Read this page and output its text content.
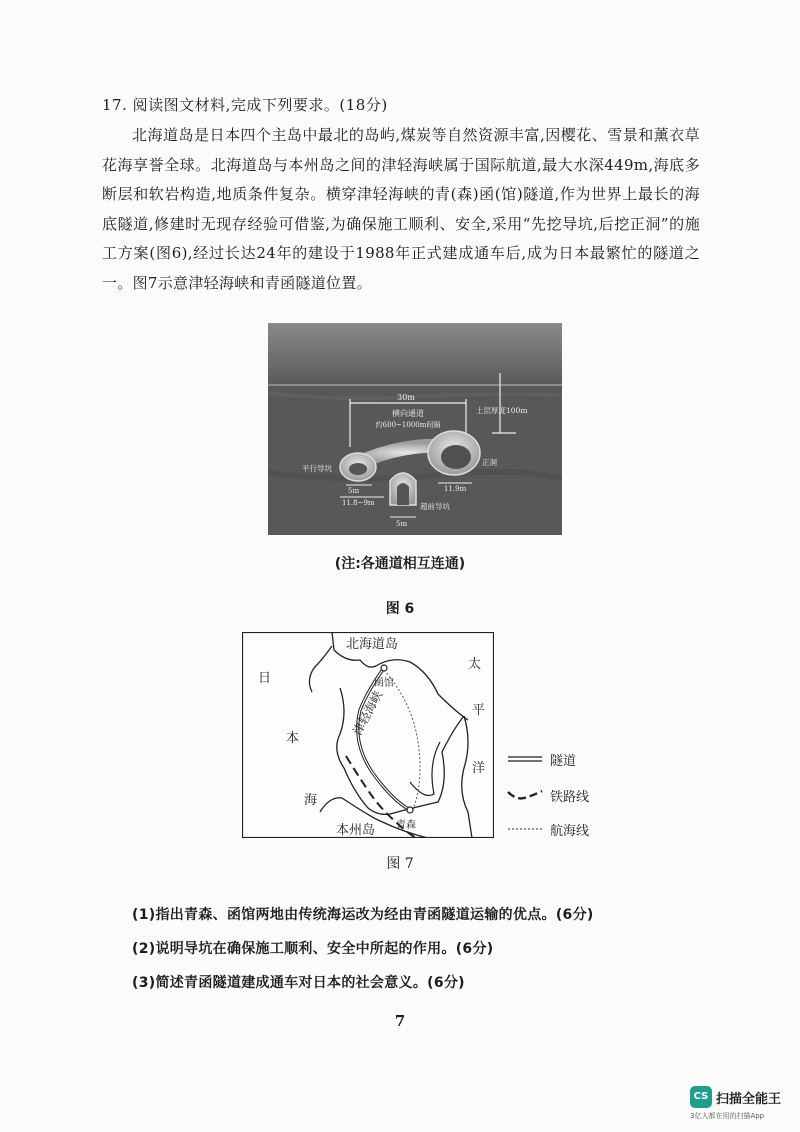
17. 阅读图文材料,完成下列要求。(18分)
北海道岛是日本四个主岛中最北的岛屿,煤炭等自然资源丰富,因樱花、雪景和薰衣草花海享誉全球。北海道岛与本州岛之间的津轻海峡属于国际航道,最大水深449m,海底多断层和软岩构造,地质条件复杂。横穿津轻海峡的青(森)函(馆)隧道,作为世界上最长的海底隧道,修建时无现存经验可借鉴,为确保施工顺利、安全,采用“先挖导坑,后挖正洞”的施工方案(图6),经过长达24年的建设于1988年正式建成通车后,成为日本最繁忙的隧道之一。图7示意津轻海峡和青函隧道位置。
30m
横向通道
约600~1000m间隔
土层厚度100m
平行导坑
正洞
超前导坑
5m
11.8~9m
11.9m
5m
(注:各通道相互连通)
图 6
北海道岛
函馆
津轻海峡
太
平
洋
日
本
海
青森
本州岛
隧道
铁路线
航海线
图 7
(1)指出青森、函馆两地由传统海运改为经由青函隧道运输的优点。(6分)
(2)说明导坑在确保施工顺利、安全中所起的作用。(6分)
(3)简述青函隧道建成通车对日本的社会意义。(6分)
7
CS 扫描全能王
3亿人都在用的扫描App
